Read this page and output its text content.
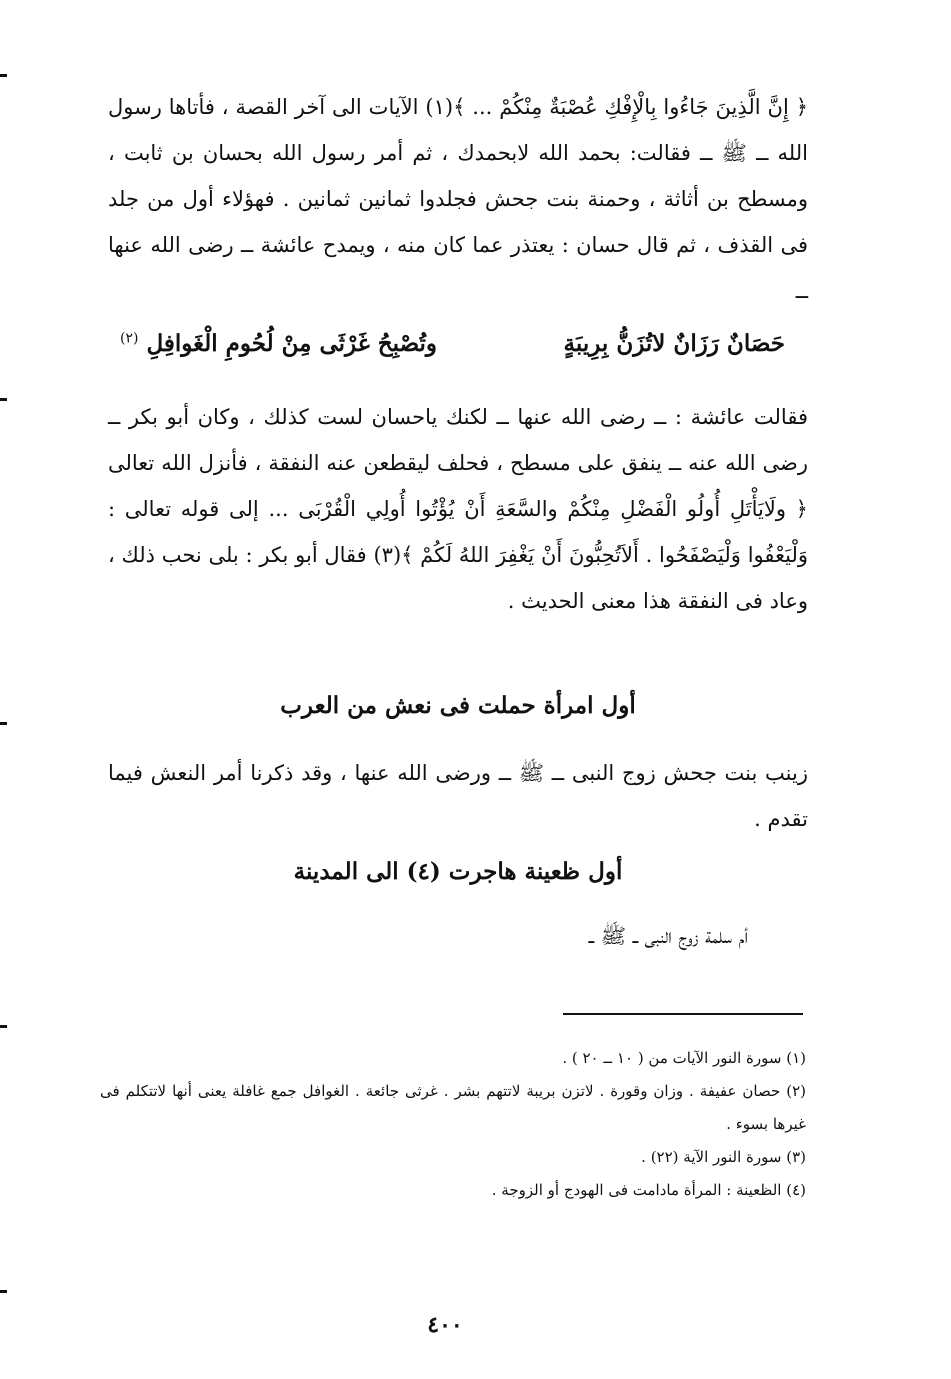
﴿ إِنَّ الَّذِينَ جَاءُوا بِالْإِفْكِ عُصْبَةٌ مِنْكُمْ ... ﴾(١) الآيات الى آخر القصة ، فأتاها رسول الله ــ ﷺ ــ فقالت: بحمد الله لابحمدك ، ثم أمر رسول الله بحسان بن ثابت ، ومسطح بن أثاثة ، وحمنة بنت جحش فجلدوا ثمانين ثمانين . فهؤلاء أول من جلد فى القذف ، ثم قال حسان : يعتذر عما كان منه ، ويمدح عائشة ــ رضى الله عنها ــ

حَصَانٌ رَزَانٌ لاتُزَنُّ بِرِيبَةٍ
وتُصْبِحُ غَرْثَى مِنْ لُحُومِ الْغَوافِلِ $^{(٢)}$

فقالت عائشة : ــ رضى الله عنها ــ لكنك ياحسان لست كذلك ، وكان أبو بكر ــ رضى الله عنه ــ ينفق على مسطح ، فحلف ليقطعن عنه النفقة ، فأنزل الله تعالى ﴿ ولَايَأْتَلِ أُولُو الْفَضْلِ مِنْكُمْ والسَّعَةِ أَنْ يُؤْتُوا أُولِي الْقُرْبَى ... إلى قوله تعالى : وَلْيَعْفُوا وَلْيَصْفَحُوا . أَلاَتُحِبُّونَ أَنْ يَغْفِرَ اللهُ لَكُمْ ﴾(٣) فقال أبو بكر : بلى نحب ذلك ، وعاد فى النفقة هذا معنى الحديث .

أول امرأة حملت فى نعش من العرب

زينب بنت جحش زوج النبى ــ ﷺ ــ ورضى الله عنها ، وقد ذكرنا أمر النعش فيما تقدم .

أول ظعينة هاجرت (٤) الى المدينة

أم سلمة زوج النبى ــ ﷺ ــ

(١) سورة النور الآيات من ( ١٠ ــ ٢٠ ) .

(٢) حصان عفيفة . وزان وقورة . لاتزن بريبة لاتتهم بشر . غرثى جائعة . الغوافل جمع غافلة يعنى أنها لاتتكلم فى غيرها بسوء .

(٣) سورة النور الآية (٢٢) .

(٤) الظعينة : المرأة مادامت فى الهودج أو الزوجة .

٤٠٠
